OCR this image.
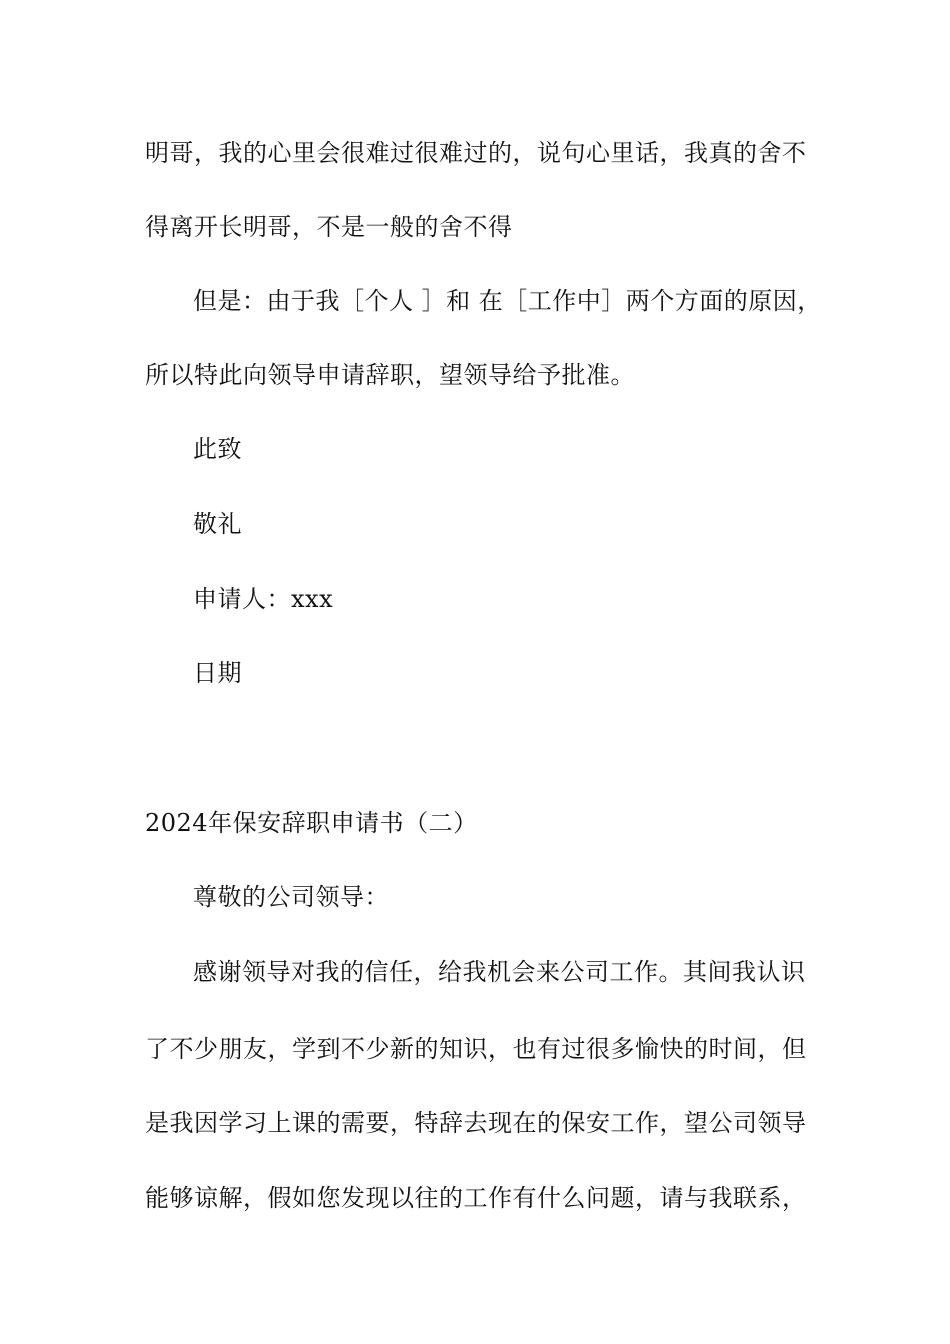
明哥，我的心里会很难过很难过的，说句心里话，我真的舍不
得离开长明哥，不是一般的舍不得
但是：由于我［个人 ］和 在［工作中］两个方面的原因，
所以特此向领导申请辞职，望领导给予批准。
此致
敬礼
申请人：xxx
日期
2024年保安辞职申请书（二）
尊敬的公司领导：
感谢领导对我的信任，给我机会来公司工作。其间我认识
了不少朋友，学到不少新的知识，也有过很多愉快的时间，但
是我因学习上课的需要，特辞去现在的保安工作，望公司领导
能够谅解，假如您发现以往的工作有什么问题，请与我联系，
